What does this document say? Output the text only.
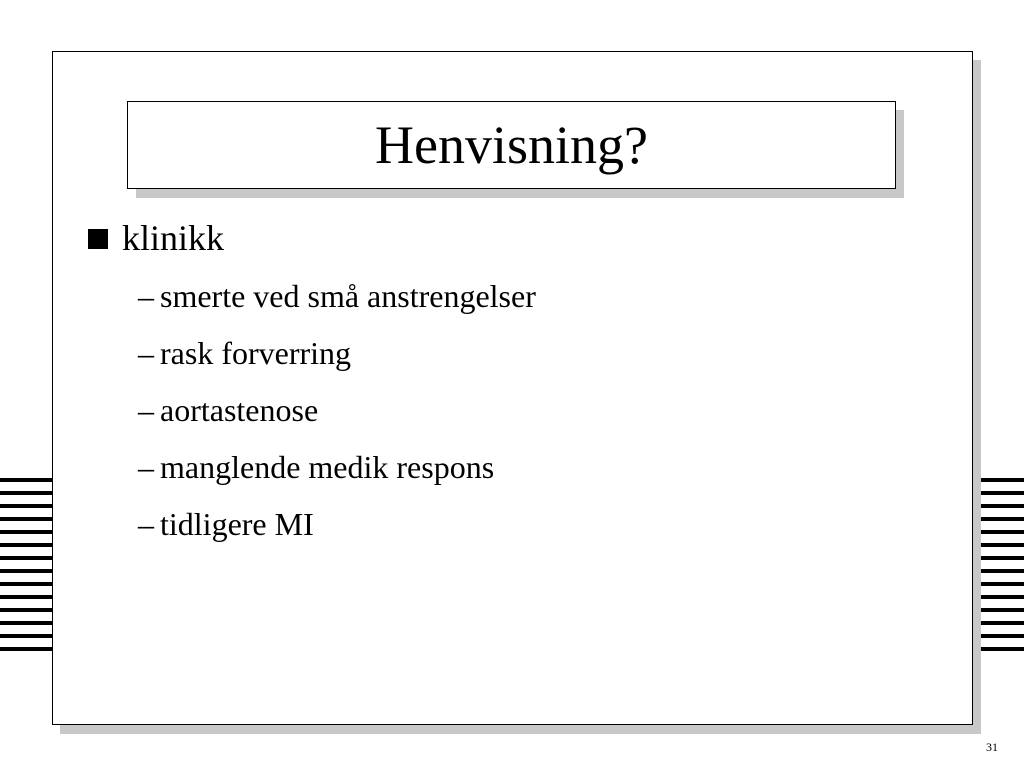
Henvisning?
klinikk
– smerte ved små anstrengelser
– rask forverring
– aortastenose
– manglende medik respons
– tidligere MI
31
